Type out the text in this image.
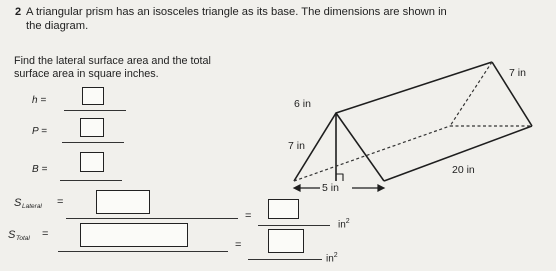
2 A triangular prism has an isosceles triangle as its base. The dimensions are shown in
the diagram.
Find the lateral surface area and the total
surface area in square inches.
h =
P =
B =
S Lateral =
=
$in^2$
S Total =
=
$in^2$
7 in
6 in
7 in
20 in
5 in
